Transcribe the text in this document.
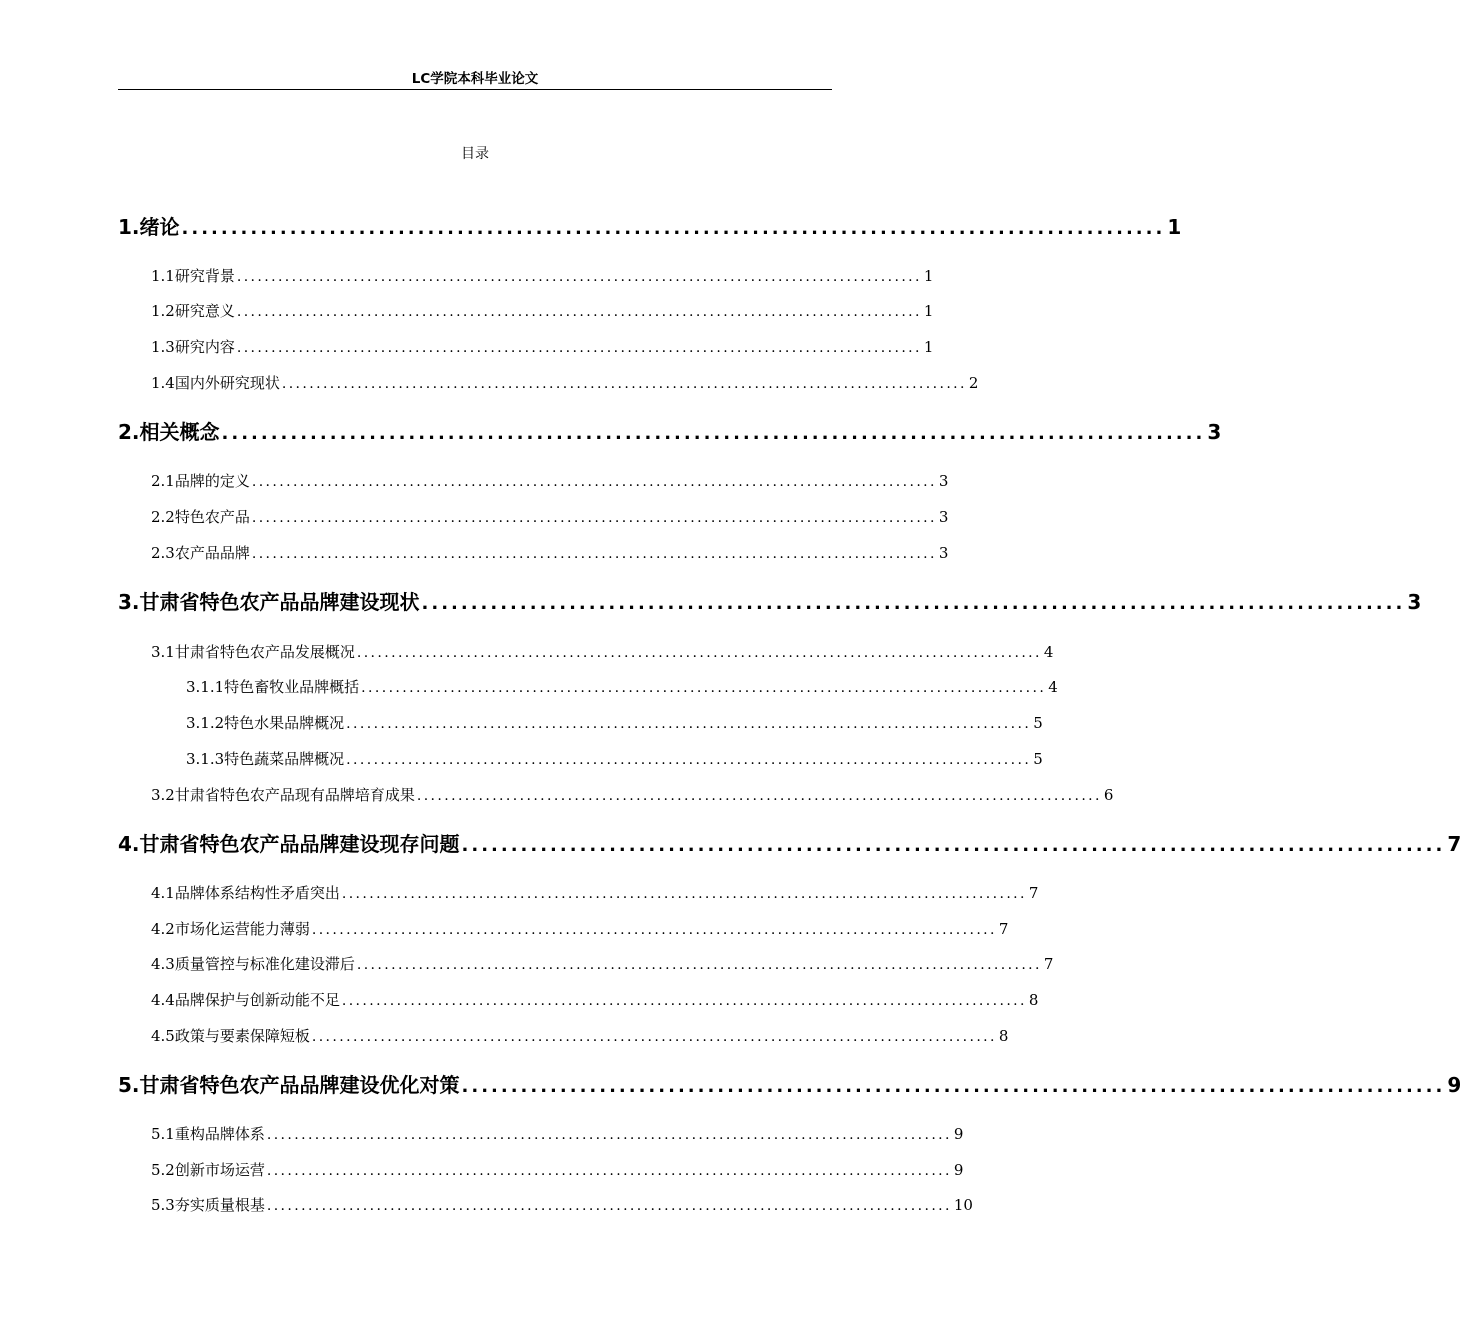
LC学院本科毕业论文
目录
1.绪论 .................................................................................................... 1
1.1研究背景 .................................................................................................... 1
1.2研究意义 .................................................................................................... 1
1.3研究内容 .................................................................................................... 1
1.4国内外研究现状 .................................................................................................... 2
2.相关概念 .................................................................................................... 3
2.1品牌的定义 .................................................................................................... 3
2.2特色农产品 .................................................................................................... 3
2.3农产品品牌 .................................................................................................... 3
3.甘肃省特色农产品品牌建设现状 .................................................................................................... 3
3.1甘肃省特色农产品发展概况 .................................................................................................... 4
3.1.1特色畜牧业品牌概括 .................................................................................................... 4
3.1.2特色水果品牌概况 .................................................................................................... 5
3.1.3特色蔬菜品牌概况 .................................................................................................... 5
3.2甘肃省特色农产品现有品牌培育成果 .................................................................................................... 6
4.甘肃省特色农产品品牌建设现存问题 .................................................................................................... 7
4.1品牌体系结构性矛盾突出 .................................................................................................... 7
4.2市场化运营能力薄弱 .................................................................................................... 7
4.3质量管控与标准化建设滞后 .................................................................................................... 7
4.4品牌保护与创新动能不足 .................................................................................................... 8
4.5政策与要素保障短板 .................................................................................................... 8
5.甘肃省特色农产品品牌建设优化对策 .................................................................................................... 9
5.1重构品牌体系 .................................................................................................... 9
5.2创新市场运营 .................................................................................................... 9
5.3夯实质量根基 .................................................................................................... 10
